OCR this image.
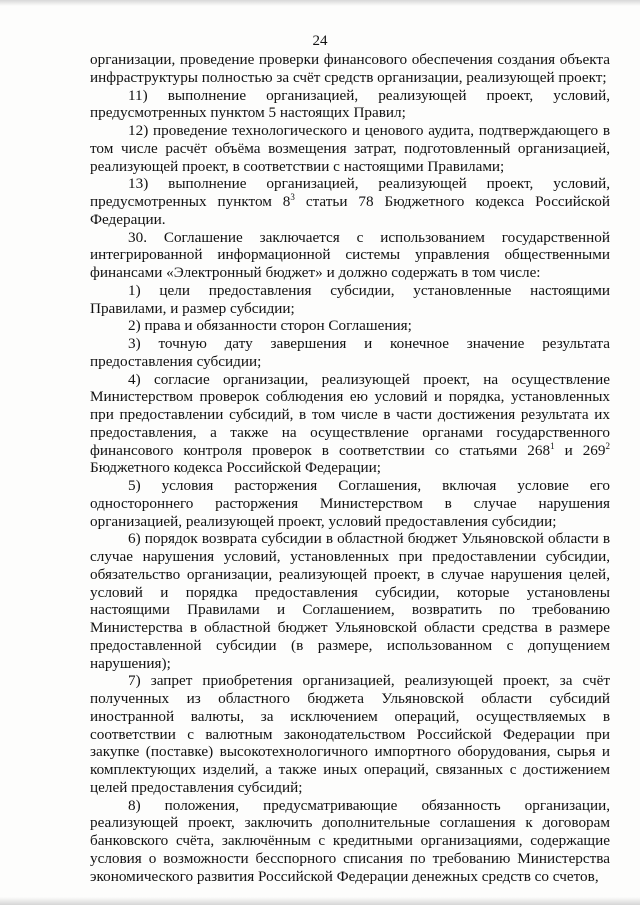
24

организации, проведение проверки финансового обеспечения создания объекта инфраструктуры полностью за счёт средств организации, реализующей проект;

11) выполнение организацией, реализующей проект, условий, предусмотренных пунктом 5 настоящих Правил;

12) проведение технологического и ценового аудита, подтверждающего в том числе расчёт объёма возмещения затрат, подготовленный организацией, реализующей проект, в соответствии с настоящими Правилами;

13) выполнение организацией, реализующей проект, условий, предусмотренных пунктом $8^3$ статьи 78 Бюджетного кодекса Российской Федерации.

30. Соглашение заключается с использованием государственной интегрированной информационной системы управления общественными финансами «Электронный бюджет» и должно содержать в том числе:

1) цели предоставления субсидии, установленные настоящими Правилами, и размер субсидии;

2) права и обязанности сторон Соглашения;

3) точную дату завершения и конечное значение результата предоставления субсидии;

4) согласие организации, реализующей проект, на осуществление Министерством проверок соблюдения ею условий и порядка, установленных при предоставлении субсидий, в том числе в части достижения результата их предоставления, а также на осуществление органами государственного финансового контроля проверок в соответствии со статьями $268^1$ и $269^2$ Бюджетного кодекса Российской Федерации;

5) условия расторжения Соглашения, включая условие его одностороннего расторжения Министерством в случае нарушения организацией, реализующей проект, условий предоставления субсидии;

6) порядок возврата субсидии в областной бюджет Ульяновской области в случае нарушения условий, установленных при предоставлении субсидии, обязательство организации, реализующей проект, в случае нарушения целей, условий и порядка предоставления субсидии, которые установлены настоящими Правилами и Соглашением, возвратить по требованию Министерства в областной бюджет Ульяновской области средства в размере предоставленной субсидии (в размере, использованном с допущением нарушения);

7) запрет приобретения организацией, реализующей проект, за счёт полученных из областного бюджета Ульяновской области субсидий иностранной валюты, за исключением операций, осуществляемых в соответствии с валютным законодательством Российской Федерации при закупке (поставке) высокотехнологичного импортного оборудования, сырья и комплектующих изделий, а также иных операций, связанных с достижением целей предоставления субсидий;

8) положения, предусматривающие обязанность организации, реализующей проект, заключить дополнительные соглашения к договорам банковского счёта, заключённым с кредитными организациями, содержащие условия о возможности бесспорного списания по требованию Министерства экономического развития Российской Федерации денежных средств со счетов,
